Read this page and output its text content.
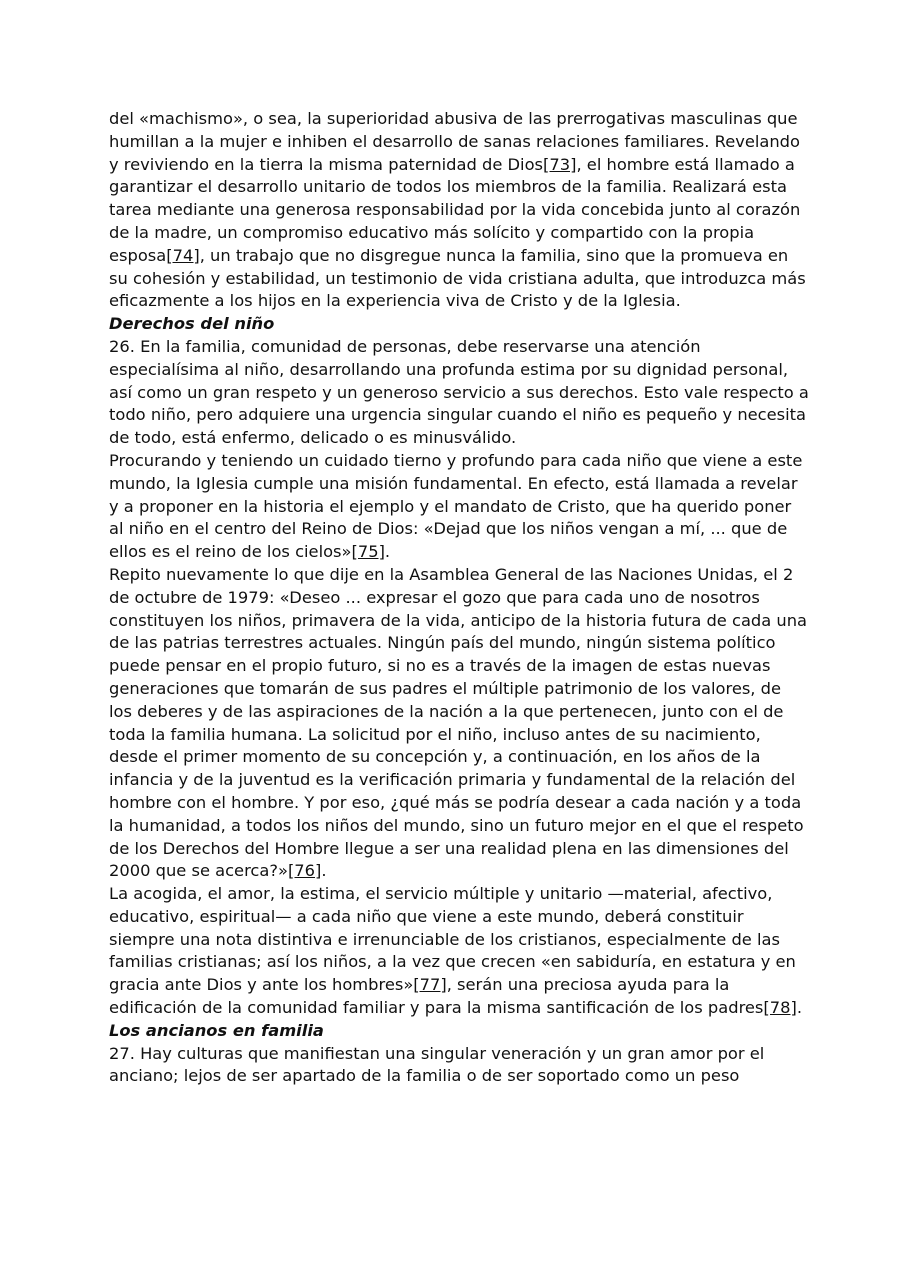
del «machismo», o sea, la superioridad abusiva de las prerrogativas masculinas que humillan a la mujer e inhiben el desarrollo de sanas relaciones familiares. Revelando y reviviendo en la tierra la misma paternidad de Dios[73], el hombre está llamado a garantizar el desarrollo unitario de todos los miembros de la familia. Realizará esta tarea mediante una generosa responsabilidad por la vida concebida junto al corazón de la madre, un compromiso educativo más solícito y compartido con la propia esposa[74], un trabajo que no disgregue nunca la familia, sino que la promueva en su cohesión y estabilidad, un testimonio de vida cristiana adulta, que introduzca más eficazmente a los hijos en la experiencia viva de Cristo y de la Iglesia.

Derechos del niño

26. En la familia, comunidad de personas, debe reservarse una atención especialísima al niño, desarrollando una profunda estima por su dignidad personal, así como un gran respeto y un generoso servicio a sus derechos. Esto vale respecto a todo niño, pero adquiere una urgencia singular cuando el niño es pequeño y necesita de todo, está enfermo, delicado o es minusválido.

Procurando y teniendo un cuidado tierno y profundo para cada niño que viene a este mundo, la Iglesia cumple una misión fundamental. En efecto, está llamada a revelar y a proponer en la historia el ejemplo y el mandato de Cristo, que ha querido poner al niño en el centro del Reino de Dios: «Dejad que los niños vengan a mí, ... que de ellos es el reino de los cielos»[75].

Repito nuevamente lo que dije en la Asamblea General de las Naciones Unidas, el 2 de octubre de 1979: «Deseo ... expresar el gozo que para cada uno de nosotros constituyen los niños, primavera de la vida, anticipo de la historia futura de cada una de las patrias terrestres actuales. Ningún país del mundo, ningún sistema político puede pensar en el propio futuro, si no es a través de la imagen de estas nuevas generaciones que tomarán de sus padres el múltiple patrimonio de los valores, de los deberes y de las aspiraciones de la nación a la que pertenecen, junto con el de toda la familia humana. La solicitud por el niño, incluso antes de su nacimiento, desde el primer momento de su concepción y, a continuación, en los años de la infancia y de la juventud es la verificación primaria y fundamental de la relación del hombre con el hombre. Y por eso, ¿qué más se podría desear a cada nación y a toda la humanidad, a todos los niños del mundo, sino un futuro mejor en el que el respeto de los Derechos del Hombre llegue a ser una realidad plena en las dimensiones del 2000 que se acerca?»[76].

La acogida, el amor, la estima, el servicio múltiple y unitario —material, afectivo, educativo, espiritual— a cada niño que viene a este mundo, deberá constituir siempre una nota distintiva e irrenunciable de los cristianos, especialmente de las familias cristianas; así los niños, a la vez que crecen «en sabiduría, en estatura y en gracia ante Dios y ante los hombres»[77], serán una preciosa ayuda para la edificación de la comunidad familiar y para la misma santificación de los padres[78].

Los ancianos en familia

27. Hay culturas que manifiestan una singular veneración y un gran amor por el anciano; lejos de ser apartado de la familia o de ser soportado como un peso
